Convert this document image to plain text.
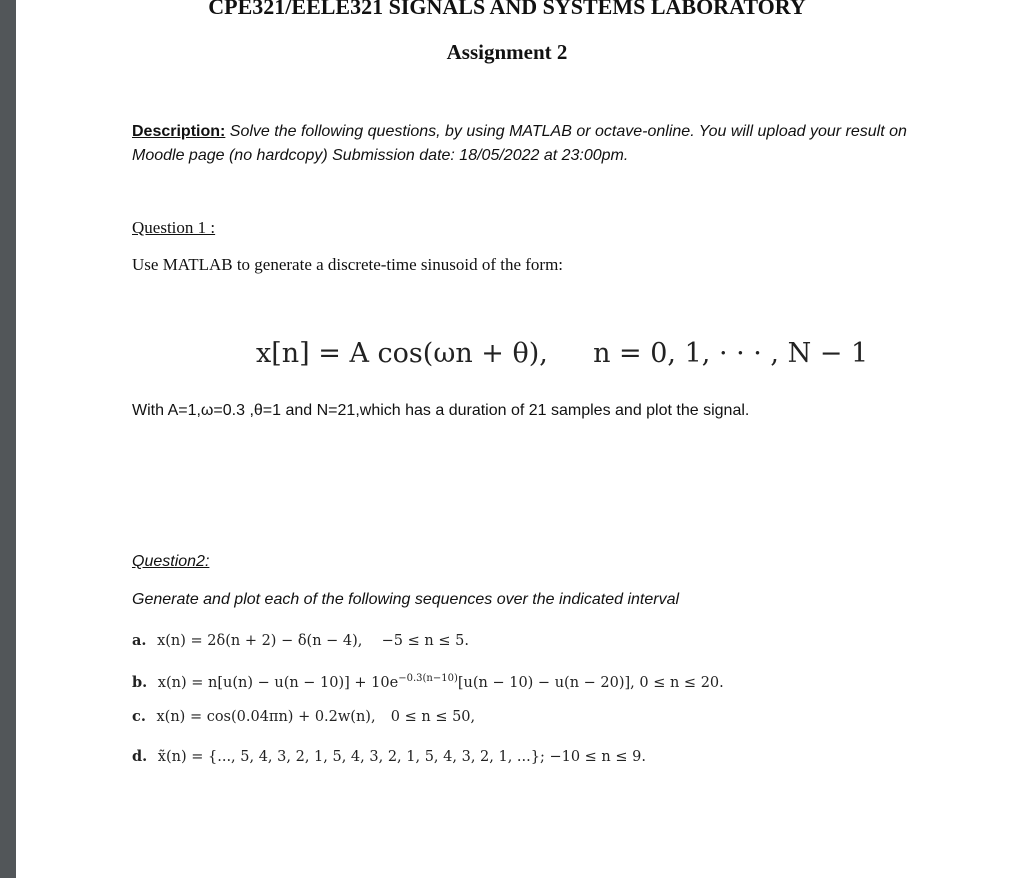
CPE321/EELE321 SIGNALS AND SYSTEMS LABORATORY
Assignment 2
Description: Solve the following questions, by using MATLAB or octave-online. You will upload your result on Moodle page (no hardcopy) Submission date: 18/05/2022 at 23:00pm.
Question 1 :
Use MATLAB to generate a discrete-time sinusoid of the form:
x[n] = A cos(ωn + θ), n = 0, 1, · · · , N − 1
With A=1,ω=0.3 ,θ=1 and N=21,which has a duration of 21 samples and plot the signal.
Question2:
Generate and plot each of the following sequences over the indicated interval
a. x(n) = 2δ(n + 2) − δ(n − 4), −5 ≤ n ≤ 5.
b. $x(n) = n[u(n) - u(n - 10)] + 10e^{-0.3(n-10)}[u(n - 10) - u(n - 20)]$, 0 ≤ n ≤ 20.
c. x(n) = cos(0.04πn) + 0.2w(n), 0 ≤ n ≤ 50,
d. x̃(n) = {..., 5, 4, 3, 2, 1, 5, 4, 3, 2, 1, 5, 4, 3, 2, 1, ...}; −10 ≤ n ≤ 9.
